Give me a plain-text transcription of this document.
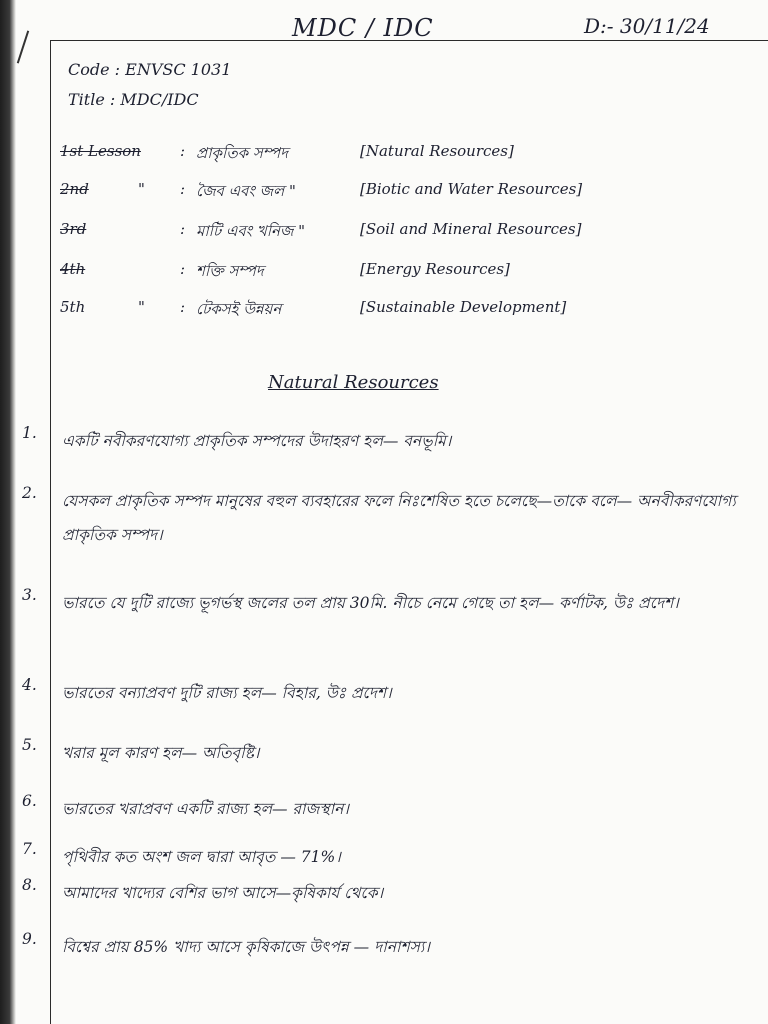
MDC / IDC	D:- 30/11/24
Code : ENVSC 1031
Title : MDC/IDC
1st Lesson	: প্রাকৃতিক সম্পদ	[Natural Resources]
2nd	" : জৈব এবং জল "	[Biotic and Water Resources]
3rd	: মাটি এবং খনিজ "	[Soil and Mineral Resources]
4th	: শক্তি সম্পদ	[Energy Resources]
5th	" : টেকসই উন্নয়ন	[Sustainable Development]
Natural Resources
1. একটি নবীকরণযোগ্য প্রাকৃতিক সম্পদের উদাহরণ হল— বনভূমি।
2. যেসকল প্রাকৃতিক সম্পদ মানুষের বহুল ব্যবহারের ফলে নিঃশেষিত হতে চলেছে—তাকে বলে— অনবীকরণযোগ্য প্রাকৃতিক সম্পদ।
3. ভারতে যে দুটি রাজ্যে ভূগর্ভস্থ জলের তল প্রায় 30মি. নীচে নেমে গেছে তা হল— কর্ণাটক, উঃ প্রদেশ।
4. ভারতের বন্যাপ্রবণ দুটি রাজ্য হল— বিহার, উঃ প্রদেশ।
5. খরার মূল কারণ হল— অতিবৃষ্টি।
6. ভারতের খরাপ্রবণ একটি রাজ্য হল— রাজস্থান।
7. পৃথিবীর কত অংশ জল দ্বারা আবৃত — 71%।
8. আমাদের খাদ্যের বেশির ভাগ আসে—কৃষিকার্য থেকে।
9. বিশ্বের প্রায় 85% খাদ্য আসে কৃষিকাজে উৎপন্ন — দানাশস্য।
